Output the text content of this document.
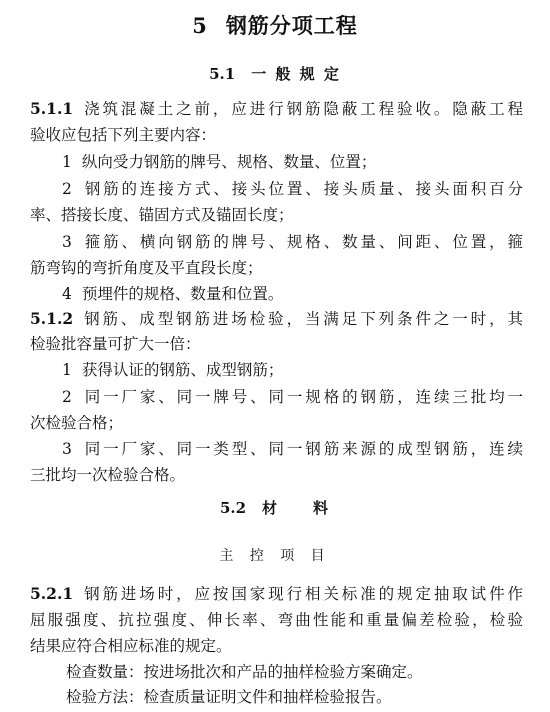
5 钢筋分项工程
5.1 一 般 规 定
5.1.1 浇筑混凝土之前，应进行钢筋隐蔽工程验收。隐蔽工程
验收应包括下列主要内容：
1 纵向受力钢筋的牌号、规格、数量、位置；
2 钢筋的连接方式、接头位置、接头质量、接头面积百分
率、搭接长度、锚固方式及锚固长度；
3 箍筋、横向钢筋的牌号、规格、数量、间距、位置，箍
筋弯钩的弯折角度及平直段长度；
4 预埋件的规格、数量和位置。
5.1.2 钢筋、成型钢筋进场检验，当满足下列条件之一时，其
检验批容量可扩大一倍：
1 获得认证的钢筋、成型钢筋；
2 同一厂家、同一牌号、同一规格的钢筋，连续三批均一
次检验合格；
3 同一厂家、同一类型、同一钢筋来源的成型钢筋，连续
三批均一次检验合格。
5.2 材　　料
主 控 项 目
5.2.1 钢筋进场时，应按国家现行相关标准的规定抽取试件作
屈服强度、抗拉强度、伸长率、弯曲性能和重量偏差检验，检验
结果应符合相应标准的规定。
检查数量：按进场批次和产品的抽样检验方案确定。
检验方法：检查质量证明文件和抽样检验报告。
